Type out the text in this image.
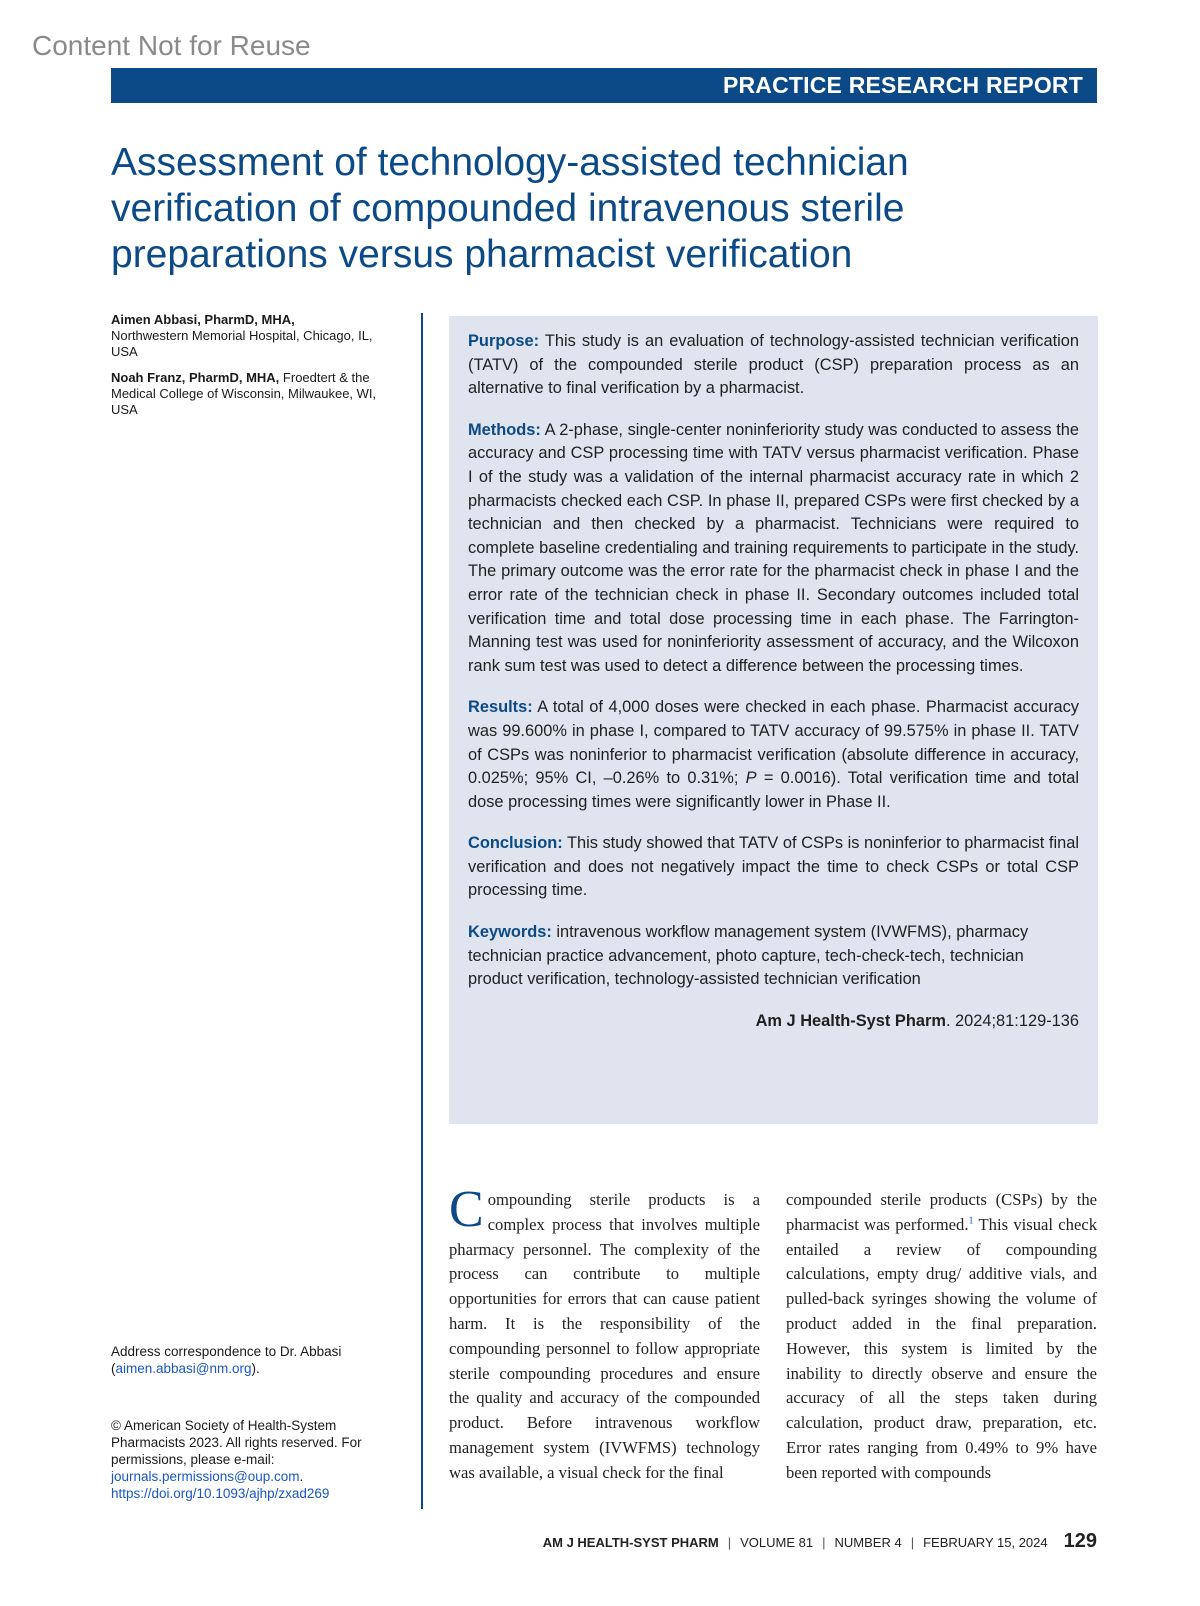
Content Not for Reuse
PRACTICE RESEARCH REPORT
Assessment of technology-assisted technician verification of compounded intravenous sterile preparations versus pharmacist verification
Aimen Abbasi, PharmD, MHA,
Northwestern Memorial Hospital, Chicago, IL, USA
Noah Franz, PharmD, MHA, Froedtert & the Medical College of Wisconsin, Milwaukee, WI, USA

Purpose: This study is an evaluation of technology-assisted technician verification (TATV) of the compounded sterile product (CSP) preparation process as an alternative to final verification by a pharmacist.

Methods: A 2-phase, single-center noninferiority study was conducted to assess the accuracy and CSP processing time with TATV versus pharmacist verification. Phase I of the study was a validation of the internal pharmacist accuracy rate in which 2 pharmacists checked each CSP. In phase II, prepared CSPs were first checked by a technician and then checked by a pharmacist. Technicians were required to complete baseline credentialing and training requirements to participate in the study. The primary outcome was the error rate for the pharmacist check in phase I and the error rate of the technician check in phase II. Secondary outcomes included total verification time and total dose processing time in each phase. The Farrington-Manning test was used for noninferiority assessment of accuracy, and the Wilcoxon rank sum test was used to detect a difference between the processing times.

Results: A total of 4,000 doses were checked in each phase. Pharmacist accuracy was 99.600% in phase I, compared to TATV accuracy of 99.575% in phase II. TATV of CSPs was noninferior to pharmacist verification (absolute difference in accuracy, 0.025%; 95% CI, –0.26% to 0.31%; P = 0.0016). Total verification time and total dose processing times were significantly lower in Phase II.

Conclusion: This study showed that TATV of CSPs is noninferior to pharmacist final verification and does not negatively impact the time to check CSPs or total CSP processing time.

Keywords: intravenous workflow management system (IVWFMS), pharmacy technician practice advancement, photo capture, tech-check-tech, technician product verification, technology-assisted technician verification

Am J Health-Syst Pharm. 2024;81:129-136
Compounding sterile products is a complex process that involves multiple pharmacy personnel. The complexity of the process can contribute to multiple opportunities for errors that can cause patient harm. It is the responsibility of the compounding personnel to follow appropriate sterile compounding procedures and ensure the quality and accuracy of the compounded product. Before intravenous workflow management system (IVWFMS) technology was available, a visual check for the final
compounded sterile products (CSPs) by the pharmacist was performed.$^1$ This visual check entailed a review of compounding calculations, empty drug/ additive vials, and pulled-back syringes showing the volume of product added in the final preparation. However, this system is limited by the inability to directly observe and ensure the accuracy of all the steps taken during calculation, product draw, preparation, etc. Error rates ranging from 0.49% to 9% have been reported with compounds
Address correspondence to Dr. Abbasi (aimen.abbasi@nm.org).
© American Society of Health-System Pharmacists 2023. All rights reserved. For permissions, please e-mail: journals.permissions@oup.com.
https://doi.org/10.1093/ajhp/zxad269
AM J HEALTH-SYST PHARM | VOLUME 81 | NUMBER 4 | FEBRUARY 15, 2024 129
